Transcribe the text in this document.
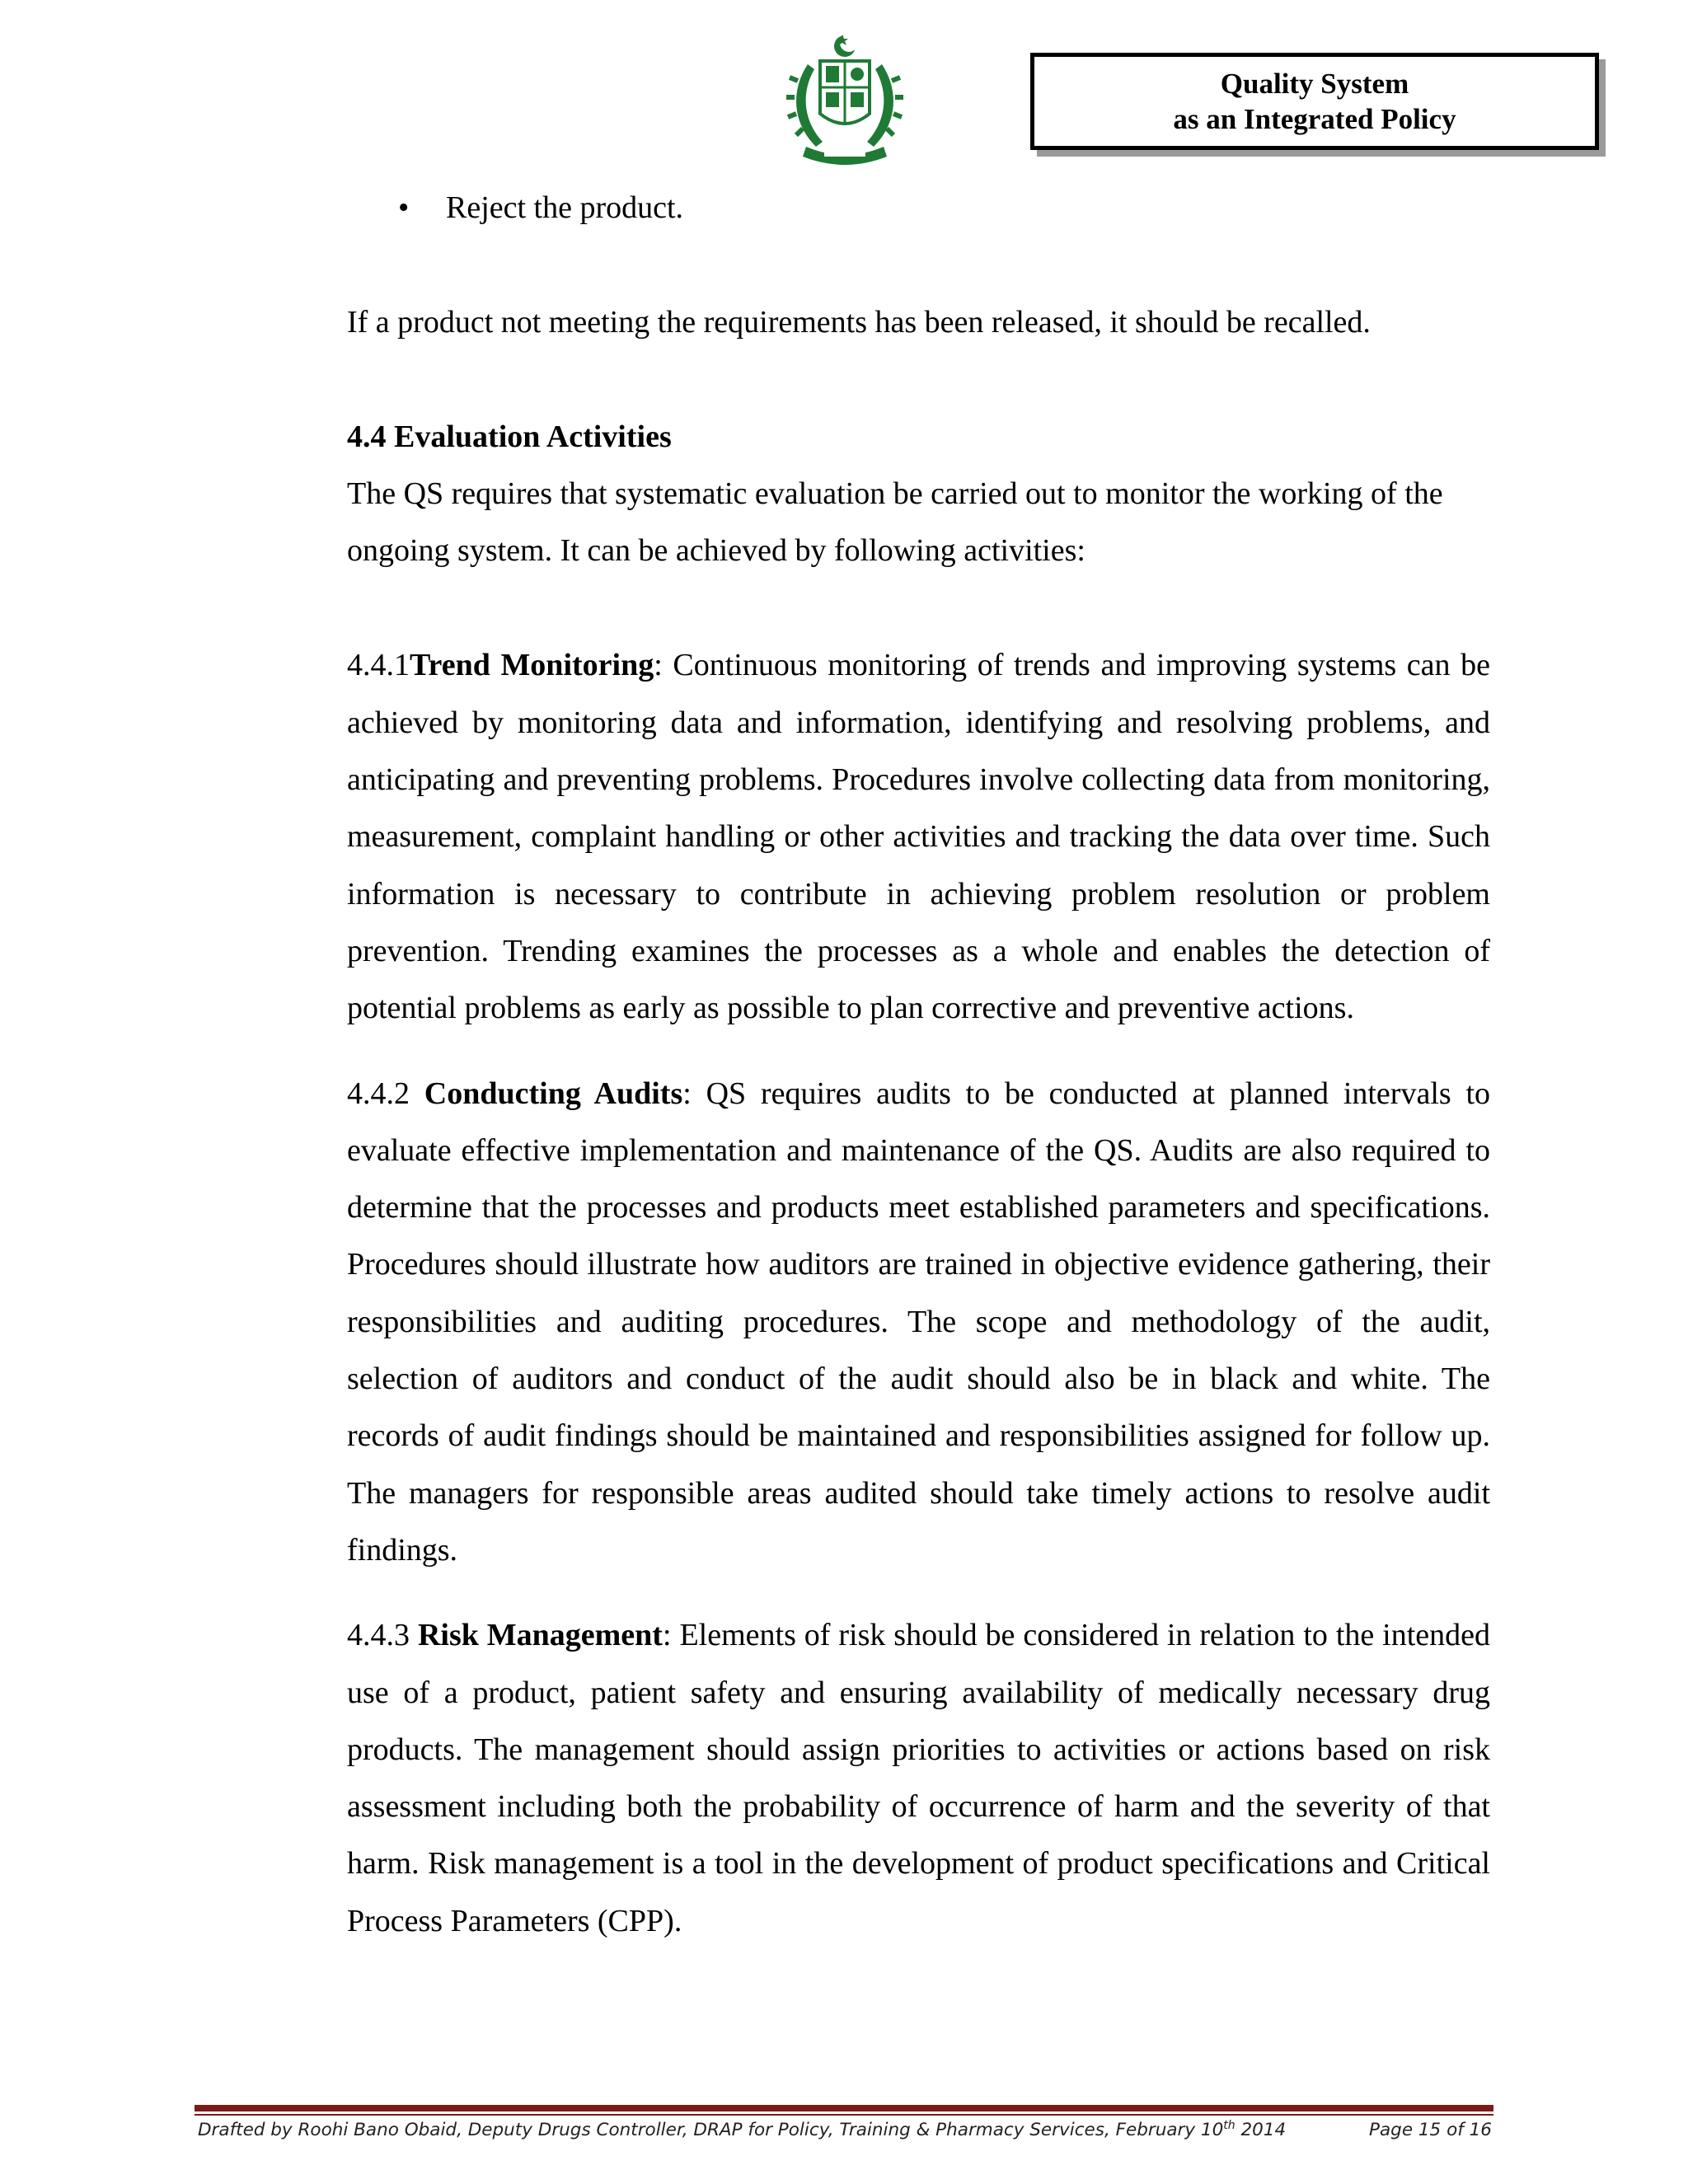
Quality System
as an Integrated Policy
• Reject the product.

If a product not meeting the requirements has been released, it should be recalled.

4.4 Evaluation Activities

The QS requires that systematic evaluation be carried out to monitor the working of the ongoing system. It can be achieved by following activities:

4.4.1Trend Monitoring: Continuous monitoring of trends and improving systems can be achieved by monitoring data and information, identifying and resolving problems, and anticipating and preventing problems. Procedures involve collecting data from monitoring, measurement, complaint handling or other activities and tracking the data over time. Such information is necessary to contribute in achieving problem resolution or problem prevention. Trending examines the processes as a whole and enables the detection of potential problems as early as possible to plan corrective and preventive actions.

4.4.2 Conducting Audits: QS requires audits to be conducted at planned intervals to evaluate effective implementation and maintenance of the QS. Audits are also required to determine that the processes and products meet established parameters and specifications. Procedures should illustrate how auditors are trained in objective evidence gathering, their responsibilities and auditing procedures. The scope and methodology of the audit, selection of auditors and conduct of the audit should also be in black and white. The records of audit findings should be maintained and responsibilities assigned for follow up. The managers for responsible areas audited should take timely actions to resolve audit findings.

4.4.3 Risk Management: Elements of risk should be considered in relation to the intended use of a product, patient safety and ensuring availability of medically necessary drug products. The management should assign priorities to activities or actions based on risk assessment including both the probability of occurrence of harm and the severity of that harm. Risk management is a tool in the development of product specifications and Critical Process Parameters (CPP).

Drafted by Roohi Bano Obaid, Deputy Drugs Controller, DRAP for Policy, Training & Pharmacy Services, February 10th 2014	Page 15 of 16
